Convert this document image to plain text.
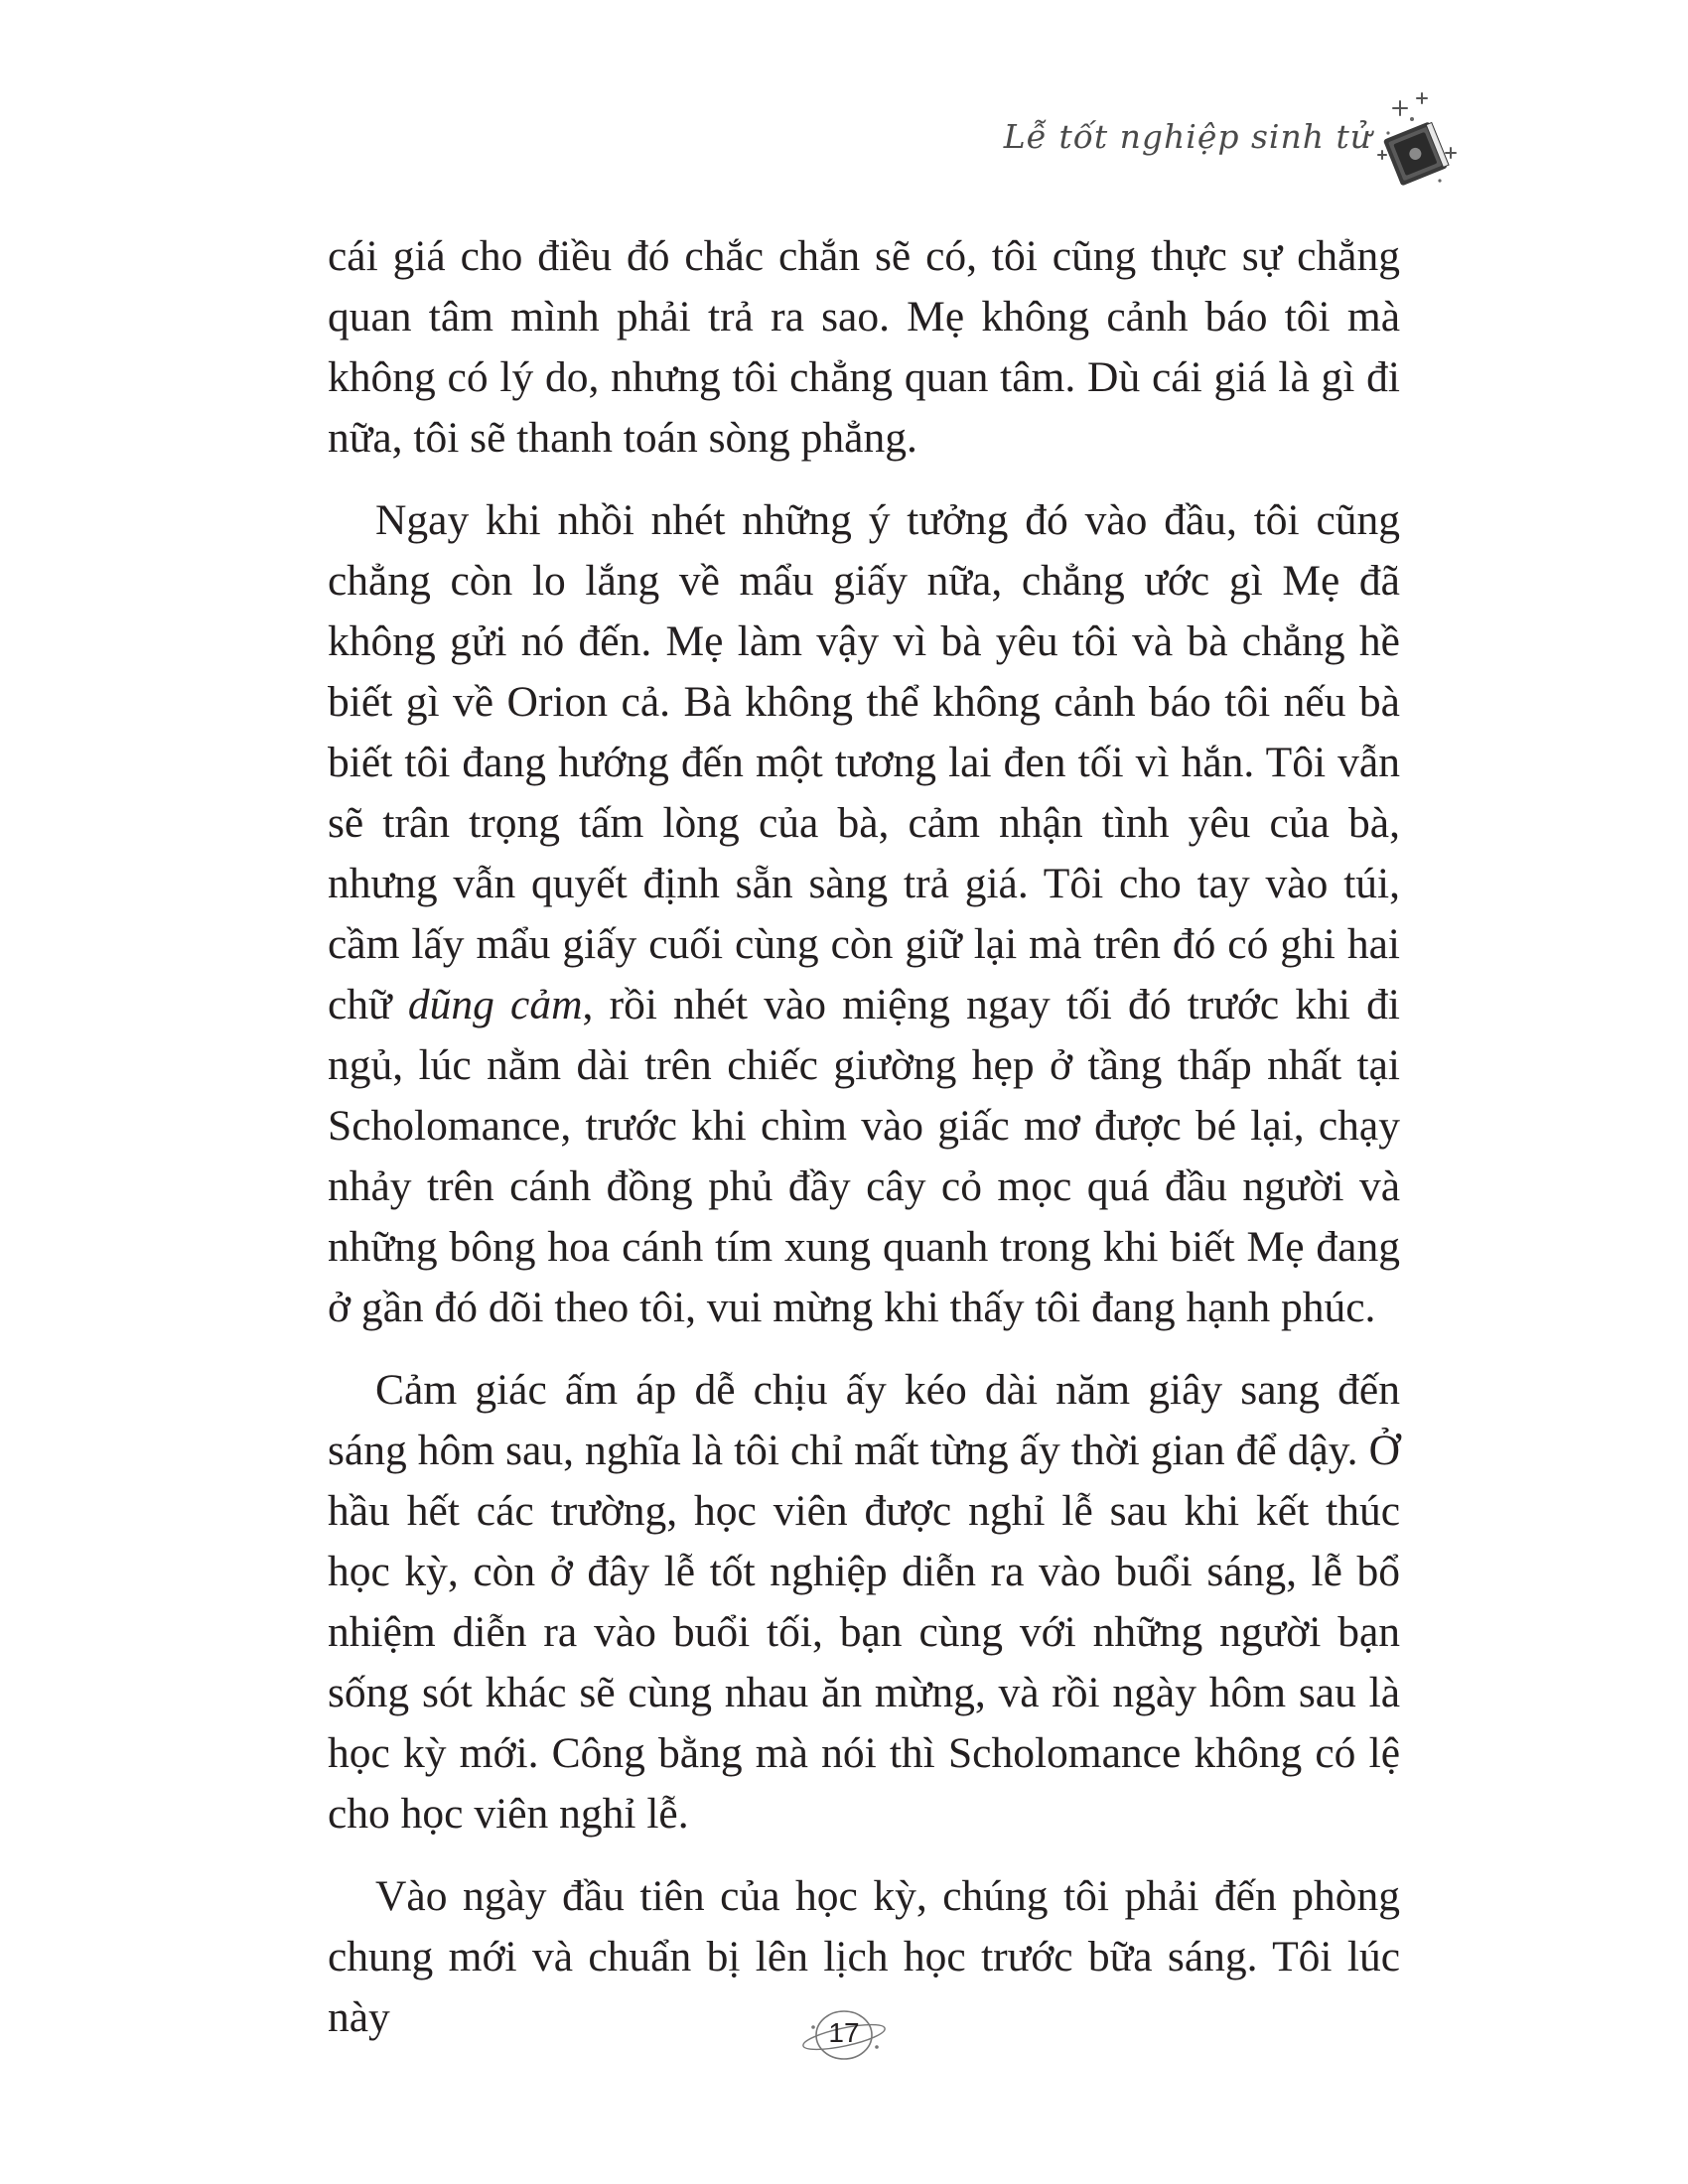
Lễ tốt nghiệp sinh tử

cái giá cho điều đó chắc chắn sẽ có, tôi cũng thực sự chẳng quan tâm mình phải trả ra sao. Mẹ không cảnh báo tôi mà không có lý do, nhưng tôi chẳng quan tâm. Dù cái giá là gì đi nữa, tôi sẽ thanh toán sòng phẳng.

Ngay khi nhồi nhét những ý tưởng đó vào đầu, tôi cũng chẳng còn lo lắng về mẩu giấy nữa, chẳng ước gì Mẹ đã không gửi nó đến. Mẹ làm vậy vì bà yêu tôi và bà chẳng hề biết gì về Orion cả. Bà không thể không cảnh báo tôi nếu bà biết tôi đang hướng đến một tương lai đen tối vì hắn. Tôi vẫn sẽ trân trọng tấm lòng của bà, cảm nhận tình yêu của bà, nhưng vẫn quyết định sẵn sàng trả giá. Tôi cho tay vào túi, cầm lấy mẩu giấy cuối cùng còn giữ lại mà trên đó có ghi hai chữ dũng cảm, rồi nhét vào miệng ngay tối đó trước khi đi ngủ, lúc nằm dài trên chiếc giường hẹp ở tầng thấp nhất tại Scholomance, trước khi chìm vào giấc mơ được bé lại, chạy nhảy trên cánh đồng phủ đầy cây cỏ mọc quá đầu người và những bông hoa cánh tím xung quanh trong khi biết Mẹ đang ở gần đó dõi theo tôi, vui mừng khi thấy tôi đang hạnh phúc.

Cảm giác ấm áp dễ chịu ấy kéo dài năm giây sang đến sáng hôm sau, nghĩa là tôi chỉ mất từng ấy thời gian để dậy. Ở hầu hết các trường, học viên được nghỉ lễ sau khi kết thúc học kỳ, còn ở đây lễ tốt nghiệp diễn ra vào buổi sáng, lễ bổ nhiệm diễn ra vào buổi tối, bạn cùng với những người bạn sống sót khác sẽ cùng nhau ăn mừng, và rồi ngày hôm sau là học kỳ mới. Công bằng mà nói thì Scholomance không có lệ cho học viên nghỉ lễ.

Vào ngày đầu tiên của học kỳ, chúng tôi phải đến phòng chung mới và chuẩn bị lên lịch học trước bữa sáng. Tôi lúc này	17
